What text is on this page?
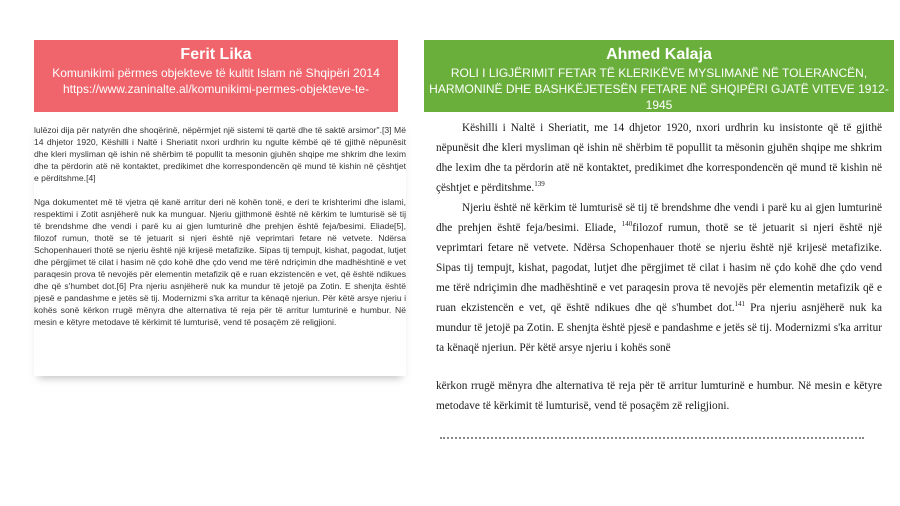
Ferit Lika
Komunikimi përmes objekteve të kultit Islam në Shqipëri 2014
https://www.zaninalte.al/komunikimi-permes-objekteve-te-
Ahmed Kalaja
ROLI I LIGJËRIMIT FETAR TË KLERIKËVE MYSLIMANË NË TOLERANCËN,
HARMONINË DHE BASHKËJETESËN FETARE NË SHQIPËRI GJATË VITEVE 1912-1945

lulëzoi dija për natyrën dhe shoqërinë, nëpërmjet një sistemi të qartë dhe të saktë arsimor".[3] Më 14 dhjetor 1920, Këshilli i Naltë i Sheriatit nxori urdhrin ku ngulte këmbë që të gjithë nëpunësit dhe kleri mysliman që ishin në shërbim të popullit ta mesonin gjuhën shqipe me shkrim dhe lexim dhe ta përdorin atë në kontaktet, predikimet dhe korrespondencën që mund të kishin në çështjet e përditshme.[4]

Nga dokumentet më të vjetra që kanë arritur deri në kohën tonë, e deri te krishterimi dhe islami, respektimi i Zotit asnjëherë nuk ka munguar. Njeriu gjithmonë është në kërkim te lumturisë së tij të brendshme dhe vendi i parë ku ai gjen lumturinë dhe prehjen është feja/besimi. Eliade[5], filozof rumun, thotë se të jetuarit si njeri është një veprimtari fetare në vetvete. Ndërsa Schopenhaueri thotë se njeriu është një krijesë metafizike. Sipas tij tempujt, kishat, pagodat, lutjet dhe përgjimet të cilat i hasim në çdo kohë dhe çdo vend me tërë ndriçimin dhe madhështinë e vet paraqesin prova të nevojës për elementin metafizik që e ruan ekzistencën e vet, që është ndikues dhe që s'humbet dot.[6] Pra njeriu asnjëherë nuk ka mundur të jetojë pa Zotin. E shenjta është pjesë e pandashme e jetës së tij. Modernizmi s'ka arritur ta kënaqë njeriun. Për këtë arsye njeriu i kohës sonë kërkon rrugë mënyra dhe alternativa të reja për të arritur lumturinë e humbur. Në mesin e këtyre metodave të kërkimit të lumturisë, vend të posaçëm zë religjioni.

Këshilli i Naltë i Sheriatit, me 14 dhjetor 1920, nxori urdhrin ku insistonte që të gjithë nëpunësit dhe kleri mysliman që ishin në shërbim të popullit ta mësonin gjuhën shqipe me shkrim dhe lexim dhe ta përdorin atë në kontaktet, predikimet dhe korrespondencën që mund të kishin në çështjet e përditshme.$^{139}$

Njeriu është në kërkim të lumturisë së tij të brendshme dhe vendi i parë ku ai gjen lumturinë dhe prehjen është feja/besimi. Eliade, $^{140}$filozof rumun, thotë se të jetuarit si njeri është një veprimtari fetare në vetvete. Ndërsa Schopenhauer thotë se njeriu është një krijesë metafizike. Sipas tij tempujt, kishat, pagodat, lutjet dhe përgjimet të cilat i hasim në çdo kohë dhe çdo vend me tërë ndriçimin dhe madhështinë e vet paraqesin prova të nevojës për elementin metafizik që e ruan ekzistencën e vet, që është ndikues dhe që s'humbet dot.$^{141}$ Pra njeriu asnjëherë nuk ka mundur të jetojë pa Zotin. E shenjta është pjesë e pandashme e jetës së tij. Modernizmi s'ka arritur ta kënaqë njeriun. Për këtë arsye njeriu i kohës sonë

kërkon rrugë mënyra dhe alternativa të reja për të arritur lumturinë e humbur. Në mesin e këtyre metodave të kërkimit të lumturisë, vend të posaçëm zë religjioni.
